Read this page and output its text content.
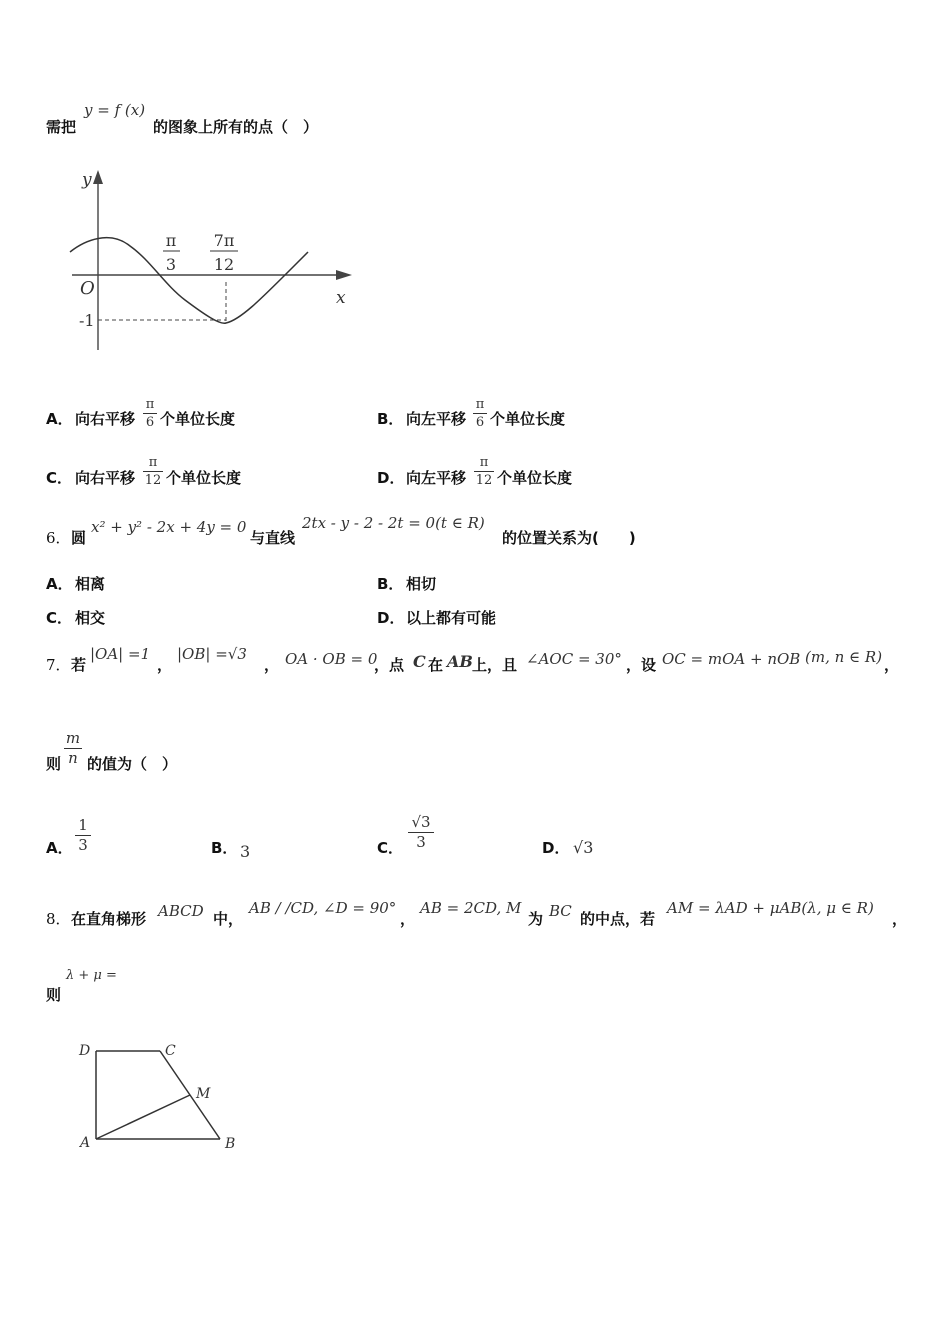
需把
y = f (x)
的图象上所有的点（　）
y
x
O
-1
π
3
7π
12
A． 向右平移
π
6 个单位长度	B． 向左平移
π
6 个单位长度
C． 向右平移
π
12 个单位长度	D． 向左平移
π
12 个单位长度
6． 圆
x² + y² - 2x + 4y = 0
与直线
2tx - y - 2 - 2t = 0(t ∈ R)
的位置关系为(　　)
A． 相离	B． 相切
C． 相交	D． 以上都有可能
7． 若
|OA| =1
，
|OB| =√3
， OA · OB = 0
，点 C 在 AB 上，且 ∠AOC = 30° ，设 OC = mOA + nOB (m, n ∈ R) ，
则
m
n 的值为（　）
A．
1
3	B． 3	C．
√3
3	D． √3
8． 在直角梯形 ABCD 中，
AB / /CD, ∠D = 90°
，
AB = 2CD, M
为 BC 的中点，若
AM = λAD + μAB(λ, μ ∈ R)
，
则
λ + μ =
D	C
M
A	B
